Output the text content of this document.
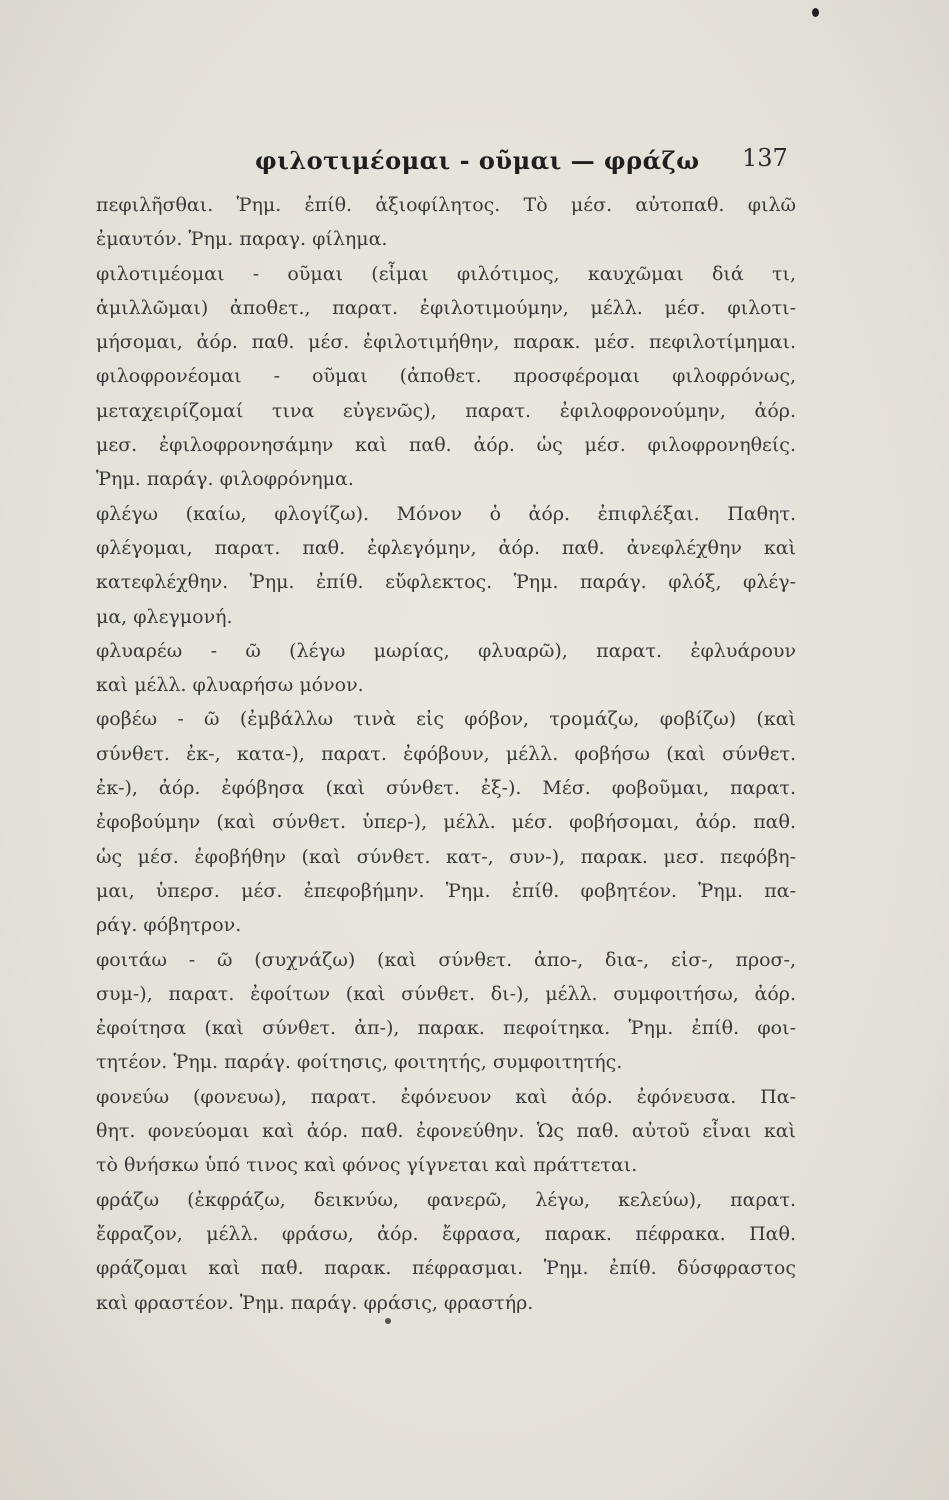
φιλοτιμέομαι - οῦμαι — φράζω 137
πεφιλῆσθαι. Ῥημ. ἐπίθ. ἀξιοφίλητος. Τὸ μέσ. αὐτοπαθ. φιλῶ
ἐμαυτόν. Ῥημ. παραγ. φίλημα.
φιλοτιμέομαι - οῦμαι (εἶμαι φιλότιμος, καυχῶμαι διά τι,
ἁμιλλῶμαι) ἀποθετ., παρατ. ἐφιλοτιμούμην, μέλλ. μέσ. φιλοτι-
μήσομαι, ἀόρ. παθ. μέσ. ἐφιλοτιμήθην, παρακ. μέσ. πεφιλοτίμημαι.
φιλοφρονέομαι - οῦμαι (ἀποθετ. προσφέρομαι φιλοφρόνως,
μεταχειρίζομαί τινα εὐγενῶς), παρατ. ἐφιλοφρονούμην, ἀόρ.
μεσ. ἐφιλοφρονησάμην καὶ παθ. ἀόρ. ὡς μέσ. φιλοφρονηθείς.
Ῥημ. παράγ. φιλοφρόνημα.
φλέγω (καίω, φλογίζω). Μόνον ὁ ἀόρ. ἐπιφλέξαι. Παθητ.
φλέγομαι, παρατ. παθ. ἐφλεγόμην, ἀόρ. παθ. ἀνεφλέχθην καὶ
κατεφλέχθην. Ῥημ. ἐπίθ. εὔφλεκτος. Ῥημ. παράγ. φλόξ, φλέγ-
μα, φλεγμονή.
φλυαρέω - ῶ (λέγω μωρίας, φλυαρῶ), παρατ. ἐφλυάρουν
καὶ μέλλ. φλυαρήσω μόνον.
φοβέω - ῶ (ἐμβάλλω τινὰ εἰς φόβον, τρομάζω, φοβίζω) (καὶ
σύνθετ. ἐκ-, κατα-), παρατ. ἐφόβουν, μέλλ. φοβήσω (καὶ σύνθετ.
ἐκ-), ἀόρ. ἐφόβησα (καὶ σύνθετ. ἐξ-). Μέσ. φοβοῦμαι, παρατ.
ἐφοβούμην (καὶ σύνθετ. ὑπερ-), μέλλ. μέσ. φοβήσομαι, ἀόρ. παθ.
ὡς μέσ. ἐφοβήθην (καὶ σύνθετ. κατ-, συν-), παρακ. μεσ. πεφόβη-
μαι, ὑπερσ. μέσ. ἐπεφοβήμην. Ῥημ. ἐπίθ. φοβητέον. Ῥημ. πα-
ράγ. φόβητρον.
φοιτάω - ῶ (συχνάζω) (καὶ σύνθετ. ἀπο-, δια-, εἰσ-, προσ-,
συμ-), παρατ. ἐφοίτων (καὶ σύνθετ. δι-), μέλλ. συμφοιτήσω, ἀόρ.
ἐφοίτησα (καὶ σύνθετ. ἀπ-), παρακ. πεφοίτηκα. Ῥημ. ἐπίθ. φοι-
τητέον. Ῥημ. παράγ. φοίτησις, φοιτητής, συμφοιτητής.
φονεύω (φονευω), παρατ. ἐφόνευον καὶ ἀόρ. ἐφόνευσα. Πα-
θητ. φονεύομαι καὶ ἀόρ. παθ. ἐφονεύθην. Ὡς παθ. αὐτοῦ εἶναι καὶ
τὸ θνήσκω ὑπό τινος καὶ φόνος γίγνεται καὶ πράττεται.
φράζω (ἐκφράζω, δεικνύω, φανερῶ, λέγω, κελεύω), παρατ.
ἔφραζον, μέλλ. φράσω, ἀόρ. ἔφρασα, παρακ. πέφρακα. Παθ.
φράζομαι καὶ παθ. παρακ. πέφρασμαι. Ῥημ. ἐπίθ. δύσφραστος
καὶ φραστέον. Ῥημ. παράγ. φράσις, φραστήρ.
